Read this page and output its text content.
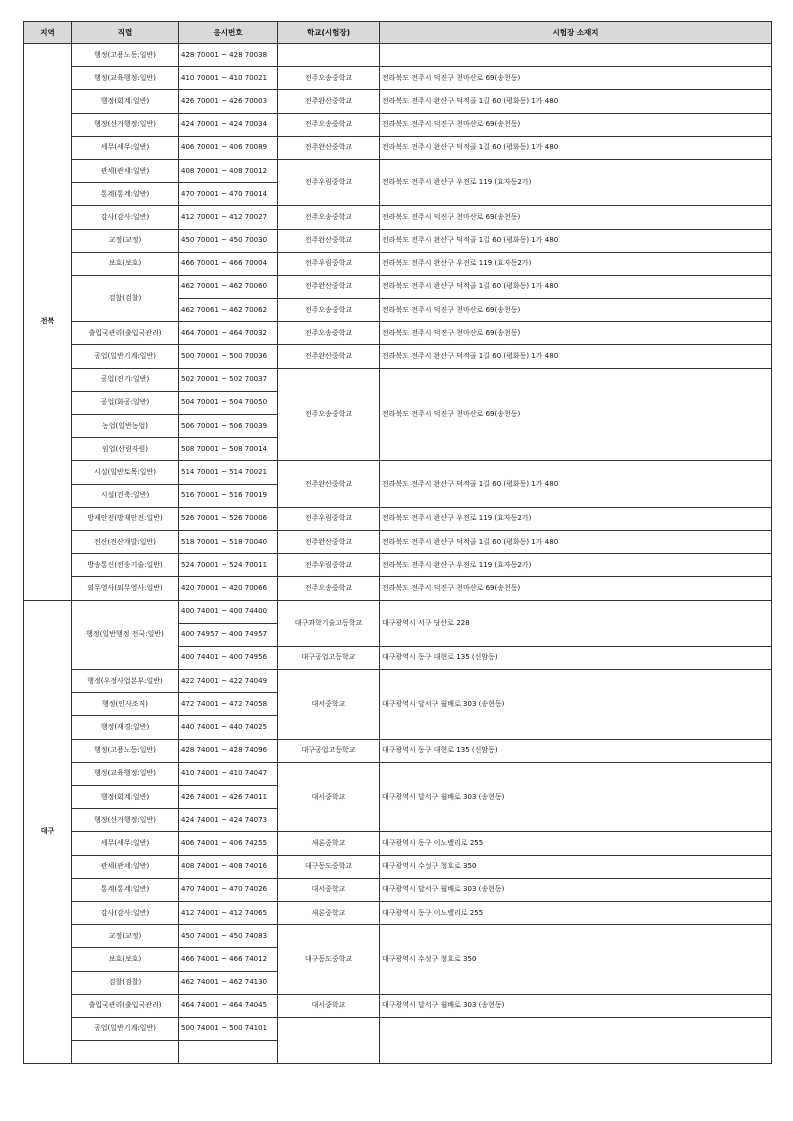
지역	직렬	응시번호	학교(시험장)	시험장 소재지
전북	행정(고용노동:일반)	428 70001 ~ 428 70038		
	행정(교육행정:일반)	410 70001 ~ 410 70021	전주오송중학교	전라북도 전주시 덕진구 천마산로 69(송천동)
	행정(회계:일반)	426 70001 ~ 426 70003	전주완산중학교	전라북도 전주시 완산구 덕적골 1길 60 (평화동) 1가 480
	행정(선거행정:일반)	424 70001 ~ 424 70034	전주오송중학교	전라북도 전주시 덕진구 천마산로 69(송천동)
	세무(세무:일반)	406 70001 ~ 406 70089	전주완산중학교	전라북도 전주시 완산구 덕적골 1길 60 (평화동) 1가 480
	관세(관세:일반)	408 70001 ~ 408 70012	전주우림중학교	전라북도 전주시 완산구 우전로 119 (효자동2가)
	통계(통계:일반)	470 70001 ~ 470 70014		
	감사(감사:일반)	412 70001 ~ 412 70027	전주오송중학교	전라북도 전주시 덕진구 천마산로 69(송천동)
	교정(교정)	450 70001 ~ 450 70030	전주완산중학교	전라북도 전주시 완산구 덕적골 1길 60 (평화동) 1가 480
	보호(보호)	466 70001 ~ 466 70004	전주우림중학교	전라북도 전주시 완산구 우전로 119 (효자동2가)
	검찰(검찰)	462 70001 ~ 462 70060	전주완산중학교	전라북도 전주시 완산구 덕적골 1길 60 (평화동) 1가 480
		462 70061 ~ 462 70062	전주오송중학교	전라북도 전주시 덕진구 천마산로 69(송천동)
	출입국관리(출입국관리)	464 70001 ~ 464 70032	전주오송중학교	전라북도 전주시 덕진구 천마산로 69(송천동)
	공업(일반기계:일반)	500 70001 ~ 500 70036	전주완산중학교	전라북도 전주시 완산구 덕적골 1길 60 (평화동) 1가 480
	공업(전기:일반)	502 70001 ~ 502 70037	전주오송중학교	전라북도 전주시 덕진구 천마산로 69(송천동)
	공업(화공:일반)	504 70001 ~ 504 70050		
	농업(일반농업)	506 70001 ~ 506 70039		
	임업(산림자원)	508 70001 ~ 508 70014		
	시설(일반토목:일반)	514 70001 ~ 514 70021	전주완산중학교	전라북도 전주시 완산구 덕적골 1길 60 (평화동) 1가 480
	시설(건축:일반)	516 70001 ~ 516 70019		
	방재안전(방재안전:일반)	526 70001 ~ 526 70006	전주우림중학교	전라북도 전주시 완산구 우전로 119 (효자동2가)
	전산(전산개발:일반)	518 70001 ~ 518 70040	전주완산중학교	전라북도 전주시 완산구 덕적골 1길 60 (평화동) 1가 480
	방송통신(전송기술:일반)	524 70001 ~ 524 70011	전주우림중학교	전라북도 전주시 완산구 우전로 119 (효자동2가)
	외무영사(외무영사:일반)	420 70001 ~ 420 70066	전주오송중학교	전라북도 전주시 덕진구 천마산로 69(송천동)
대구	행정(일반행정 전국:일반)	400 74001 ~ 400 74400	대구과학기술고등학교	대구광역시 서구 당산로 228
		400 74957 ~ 400 74957		
		400 74401 ~ 400 74956	대구공업고등학교	대구광역시 동구 대현로 135 (신암동)
	행정(우정사업본부:일반)	422 74001 ~ 422 74049	대서중학교	대구광역시 달서구 월배로 303 (송현동)
	행정(인사조직)	472 74001 ~ 472 74058		
	행정(재경:일반)	440 74001 ~ 440 74025		
	행정(고용노동:일반)	428 74001 ~ 428 74096	대구공업고등학교	대구광역시 동구 대현로 135 (신암동)
	행정(교육행정:일반)	410 74001 ~ 410 74047	대서중학교	대구광역시 달서구 월배로 303 (송현동)
	행정(회계:일반)	426 74001 ~ 426 74011		
	행정(선거행정:일반)	424 74001 ~ 424 74073		
	세무(세무:일반)	406 74001 ~ 406 74255	새론중학교	대구광역시 동구 이노밸리로 255
	관세(관세:일반)	408 74001 ~ 408 74016	대구동도중학교	대구광역시 수성구 청호로 350
	통계(통계:일반)	470 74001 ~ 470 74026	대서중학교	대구광역시 달서구 월배로 303 (송현동)
	감사(감사:일반)	412 74001 ~ 412 74065	새론중학교	대구광역시 동구 이노밸리로 255
	교정(교정)	450 74001 ~ 450 74083	대구동도중학교	대구광역시 수성구 청호로 350
	보호(보호)	466 74001 ~ 466 74012		
	검찰(검찰)	462 74001 ~ 462 74130		
	출입국관리(출입국관리)	464 74001 ~ 464 74045	대서중학교	대구광역시 달서구 월배로 303 (송현동)
	공업(일반기계:일반)	500 74001 ~ 500 74101		
